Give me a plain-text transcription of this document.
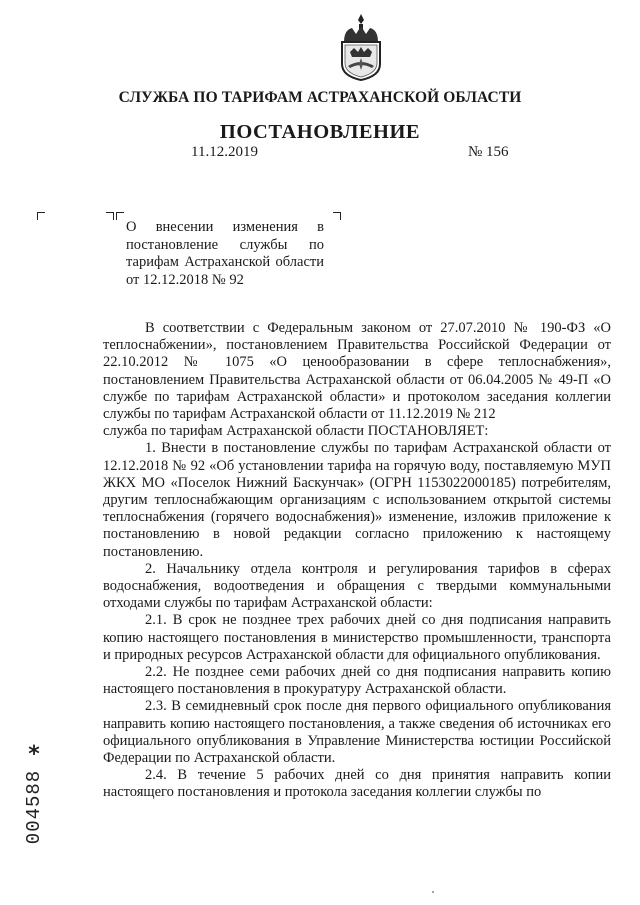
СЛУЖБА ПО ТАРИФАМ АСТРАХАНСКОЙ ОБЛАСТИ
ПОСТАНОВЛЕНИЕ
11.12.2019	№ 156
О внесении изменения в постановление службы по тарифам Астраханской области от 12.12.2018 № 92

В соответствии с Федеральным законом от 27.07.2010 № 190-ФЗ «О теплоснабжении», постановлением Правительства Российской Федерации от 22.10.2012 № 1075 «О ценообразовании в сфере теплоснабжения», постановлением Правительства Астраханской области от 06.04.2005 № 49-П «О службе по тарифам Астраханской области» и протоколом заседания коллегии службы по тарифам Астраханской области от 11.12.2019 № 212

служба по тарифам Астраханской области ПОСТАНОВЛЯЕТ:

1. Внести в постановление службы по тарифам Астраханской области от 12.12.2018 № 92 «Об установлении тарифа на горячую воду, поставляемую МУП ЖКХ МО «Поселок Нижний Баскунчак» (ОГРН 1153022000185) потребителям, другим теплоснабжающим организациям с использованием открытой системы теплоснабжения (горячего водоснабжения)» изменение, изложив приложение к постановлению в новой редакции согласно приложению к настоящему постановлению.

2. Начальнику отдела контроля и регулирования тарифов в сферах водоснабжения, водоотведения и обращения с твердыми коммунальными отходами службы по тарифам Астраханской области:

2.1. В срок не позднее трех рабочих дней со дня подписания направить копию настоящего постановления в министерство промышленности, транспорта и природных ресурсов Астраханской области для официального опубликования.

2.2. Не позднее семи рабочих дней со дня подписания направить копию настоящего постановления в прокуратуру Астраханской области.

2.3. В семидневный срок после дня первого официального опубликования направить копию настоящего постановления, а также сведения об источниках его официального опубликования в Управление Министерства юстиции Российской Федерации по Астраханской области.

2.4. В течение 5 рабочих дней со дня принятия направить копии настоящего постановления и протокола заседания коллегии службы по

*
004588
